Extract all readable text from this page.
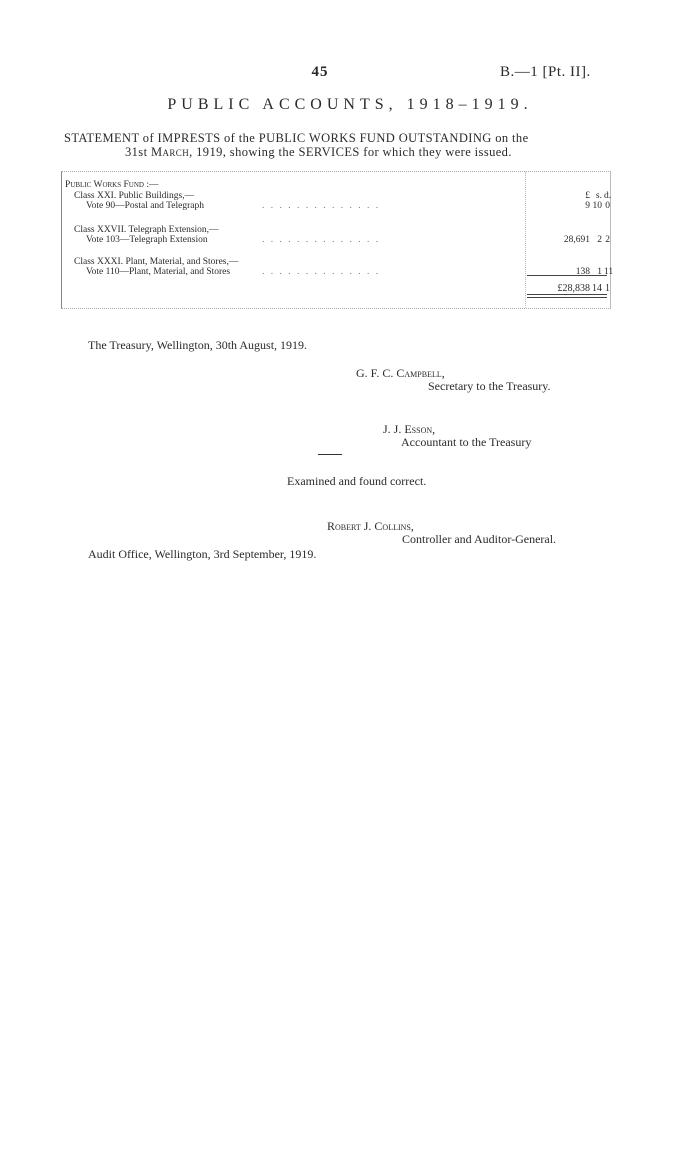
45	B.—1 [Pt. II].
PUBLIC ACCOUNTS, 1918–1919.
STATEMENT of IMPRESTS of the PUBLIC WORKS FUND OUTSTANDING on the
31st March, 1919, showing the SERVICES for which they were issued.
Public Works Fund :—
Class XXI. Public Buildings,—	£ s. d.
Vote 90—Postal and Telegraph	. . . . . . . . . . . . . .	9 10 0
Class XXVII. Telegraph Extension,—
Vote 103—Telegraph Extension	. . . . . . . . . . . . . .	28,691 2 2
Class XXXI. Plant, Material, and Stores,—
Vote 110—Plant, Material, and Stores	. . . . . . . . . . . . . .	138 1 11
£28,838 14 1
The Treasury, Wellington, 30th August, 1919.
G. F. C. Campbell,
Secretary to the Treasury.
J. J. Esson,
Accountant to the Treasury
Examined and found correct.
Robert J. Collins,
Controller and Auditor-General.
Audit Office, Wellington, 3rd September, 1919.
